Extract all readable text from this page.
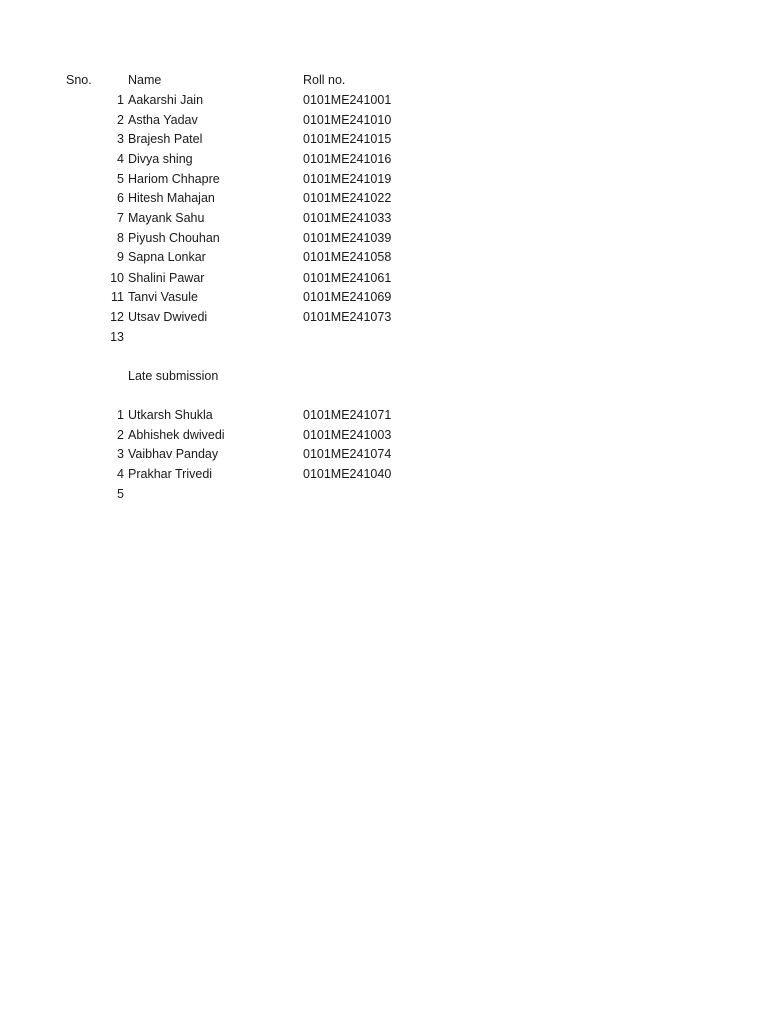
Sno.	Name	Roll no.
1 Aakarshi Jain	0101ME241001
2 Astha Yadav	0101ME241010
3 Brajesh Patel	0101ME241015
4 Divya shing	0101ME241016
5 Hariom Chhapre	0101ME241019
6 Hitesh Mahajan	0101ME241022
7 Mayank Sahu	0101ME241033
8 Piyush Chouhan	0101ME241039
9 Sapna Lonkar	0101ME241058
10 Shalini Pawar	0101ME241061
11 Tanvi Vasule	0101ME241069
12 Utsav Dwivedi	0101ME241073
13
Late submission
1 Utkarsh Shukla	0101ME241071
2 Abhishek dwivedi	0101ME241003
3 Vaibhav Panday	0101ME241074
4 Prakhar Trivedi	0101ME241040
5
